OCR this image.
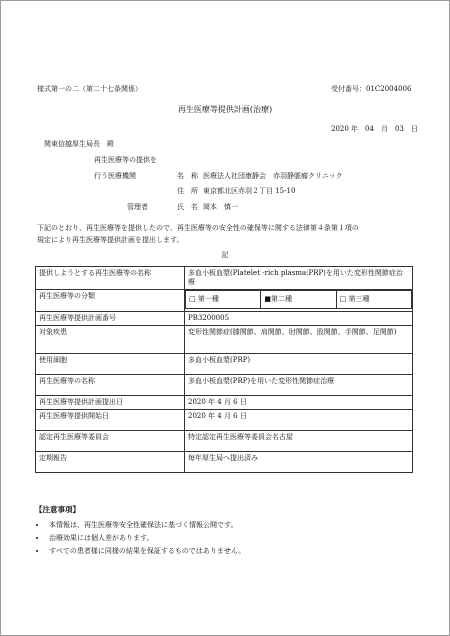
様式第一の二（第二十七条関係）	受付番号：01C2004006
再生医療等提供計画(治療)
2020 年　04　月　03　日
関東信越厚生局長　殿
再生医療等の提供を
行う医療機関	名　称 医療法人社団康静会　赤羽静脈瘤クリニック
住　所 東京都北区赤羽２丁目 15-10
管理者	氏　名 岡本　慎一
下記のとおり、再生医療等を提供したので、再生医療等の安全性の確保等に関する法律第４条第１項の
規定により再生医療等提供計画を提出します。
記
提供しようとする再生医療等の名称	多血小板血漿(Platelet -rich plasma:PRP)を用いた変形性関節症治療
再生医療等の分類		□ 第一種	■第二種	□ 第三種

再生医療等提供計画番号	PB3200005
対象疾患	変形性関節症(膝関節、肩関節、肘関節、股関節、手関節、足関節)
使用細胞	多血小板血漿(PRP)
再生医療等の名称	多血小板血漿(PRP)を用いた変形性関節症治療
再生医療等提供計画提出日	2020 年 4 月 6 日
再生医療等提供開始日	2020 年 4 月 6 日
認定再生医療等委員会	特定認定再生医療等委員会名古屋
定期報告	毎年厚生局へ提出済み
【注意事項】
• 本情報は、再生医療等安全性確保法に基づく情報公開です。
• 治療効果には個人差があります。
• すべての患者様に同様の結果を保証するものではありません。
